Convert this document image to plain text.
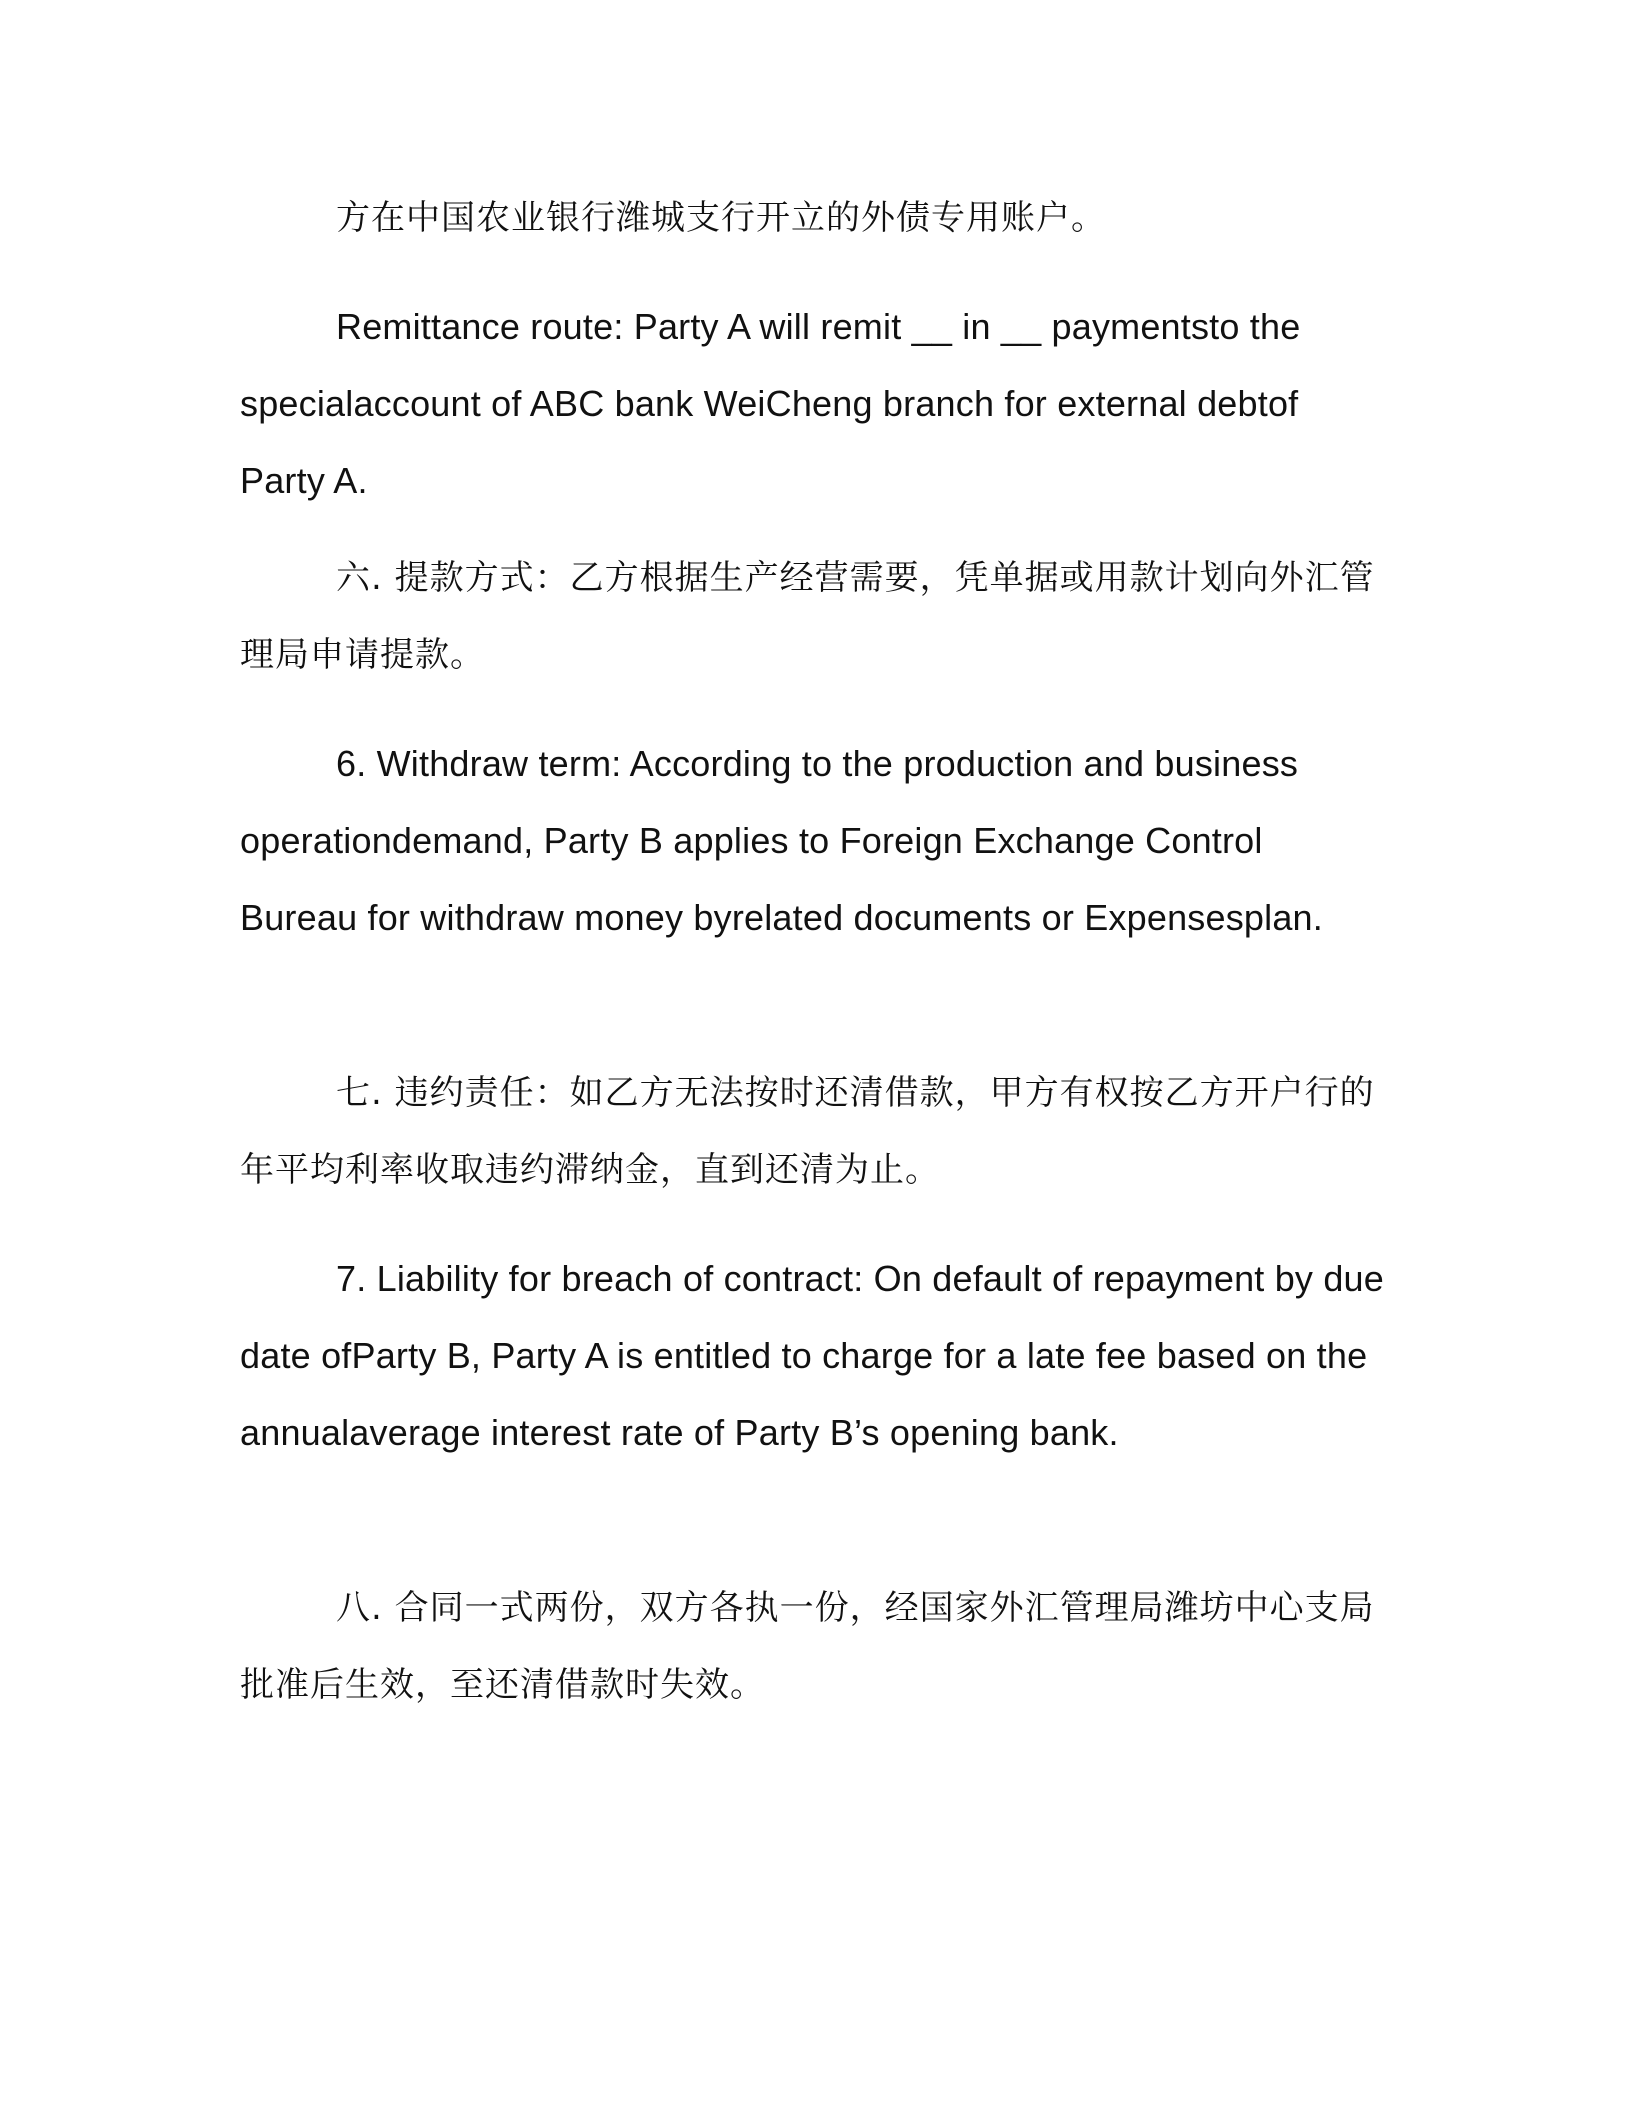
方在中国农业银行潍城支行开立的外债专用账户。

Remittance route: Party A will remit __ in __ paymentsto the specialaccount of ABC bank WeiCheng branch for external debtof Party A.

六. 提款方式：乙方根据生产经营需要，凭单据或用款计划向外汇管理局申请提款。

6. Withdraw term: According to the production and business operationdemand, Party B applies to Foreign Exchange Control Bureau for withdraw money byrelated documents or Expensesplan.

七. 违约责任：如乙方无法按时还清借款，甲方有权按乙方开户行的年平均利率收取违约滞纳金，直到还清为止。

7. Liability for breach of contract: On default of repayment by due date ofParty B, Party A is entitled to charge for a late fee based on the annualaverage interest rate of Party B’s opening bank.

八. 合同一式两份，双方各执一份，经国家外汇管理局潍坊中心支局批准后生效，至还清借款时失效。
